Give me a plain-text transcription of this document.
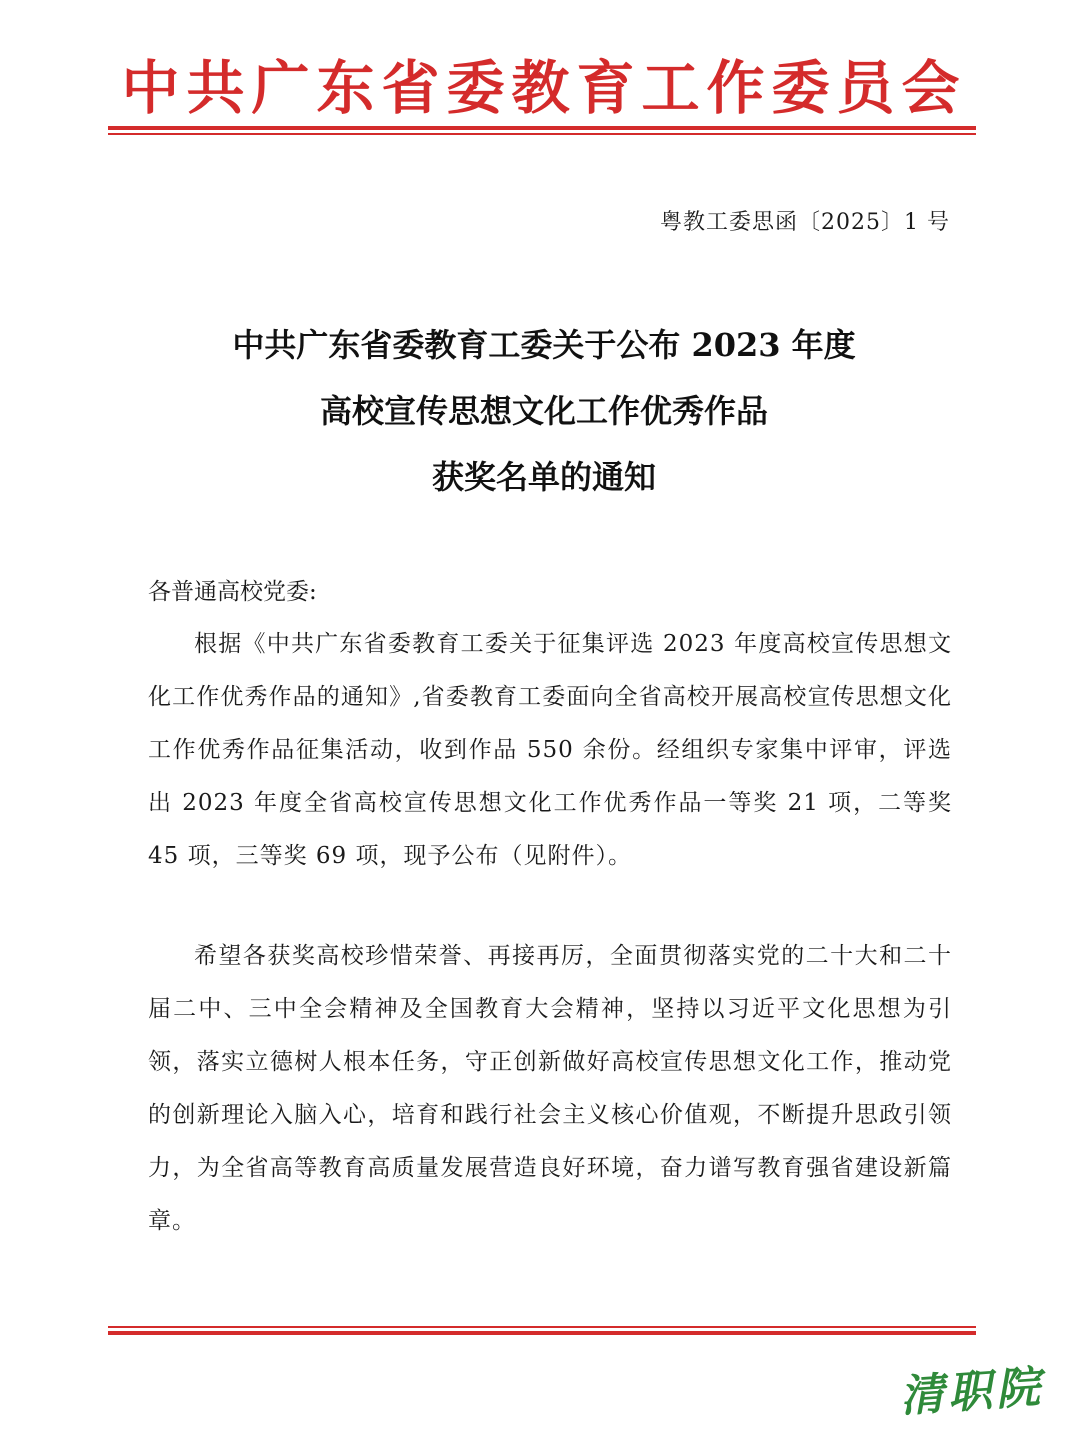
中共广东省委教育工作委员会
粤教工委思函〔2025〕1 号
中共广东省委教育工委关于公布 2023 年度
高校宣传思想文化工作优秀作品
获奖名单的通知
各普通高校党委:
根据《中共广东省委教育工委关于征集评选 2023 年度高校宣传思想文化工作优秀作品的通知》,省委教育工委面向全省高校开展高校宣传思想文化工作优秀作品征集活动，收到作品 550 余份。经组织专家集中评审，评选出 2023 年度全省高校宣传思想文化工作优秀作品一等奖 21 项，二等奖 45 项，三等奖 69 项，现予公布（见附件）。
希望各获奖高校珍惜荣誉、再接再厉，全面贯彻落实党的二十大和二十届二中、三中全会精神及全国教育大会精神，坚持以习近平文化思想为引领，落实立德树人根本任务，守正创新做好高校宣传思想文化工作，推动党的创新理论入脑入心，培育和践行社会主义核心价值观，不断提升思政引领力，为全省高等教育高质量发展营造良好环境，奋力谱写教育强省建设新篇章。
清职院
